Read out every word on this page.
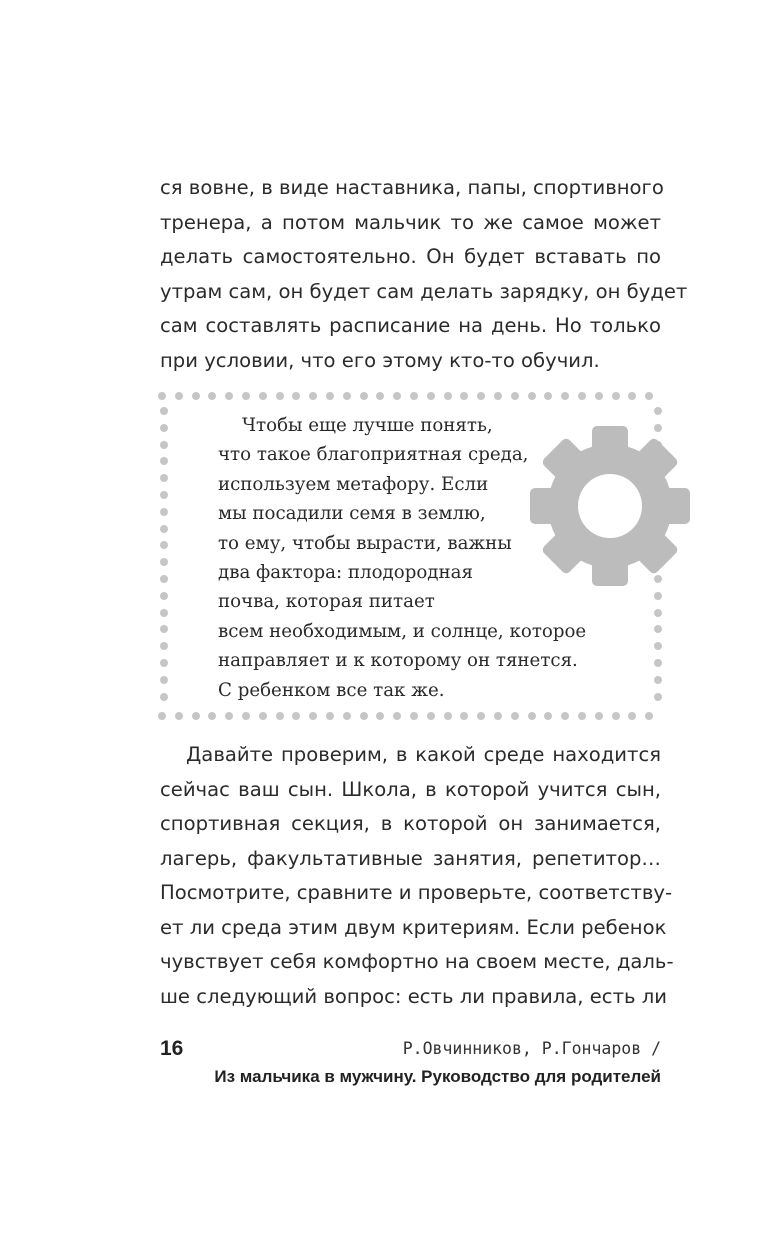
ся вовне, в виде наставника, папы, спортивного
тренера, а потом мальчик то же самое может
делать самостоятельно. Он будет вставать по
утрам сам, он будет сам делать зарядку, он будет
сам составлять расписание на день. Но только
при условии, что его этому кто-то обучил.
Чтобы еще лучше понять,
что такое благоприятная среда,
используем метафору. Если
мы посадили семя в землю,
то ему, чтобы вырасти, важны
два фактора: плодородная
почва, которая питает
всем необходимым, и солнце, которое
направляет и к которому он тянется.
С ребенком все так же.
Давайте проверим, в какой среде находится
сейчас ваш сын. Школа, в которой учится сын,
спортивная секция, в которой он занимается,
лагерь, факультативные занятия, репетитор…
Посмотрите, сравните и проверьте, соответству-
ет ли среда этим двум критериям. Если ребенок
чувствует себя комфортно на своем месте, даль-
ше следующий вопрос: есть ли правила, есть ли
16	Р.Овчинников, Р.Гончаров /
Из мальчика в мужчину. Руководство для родителей
